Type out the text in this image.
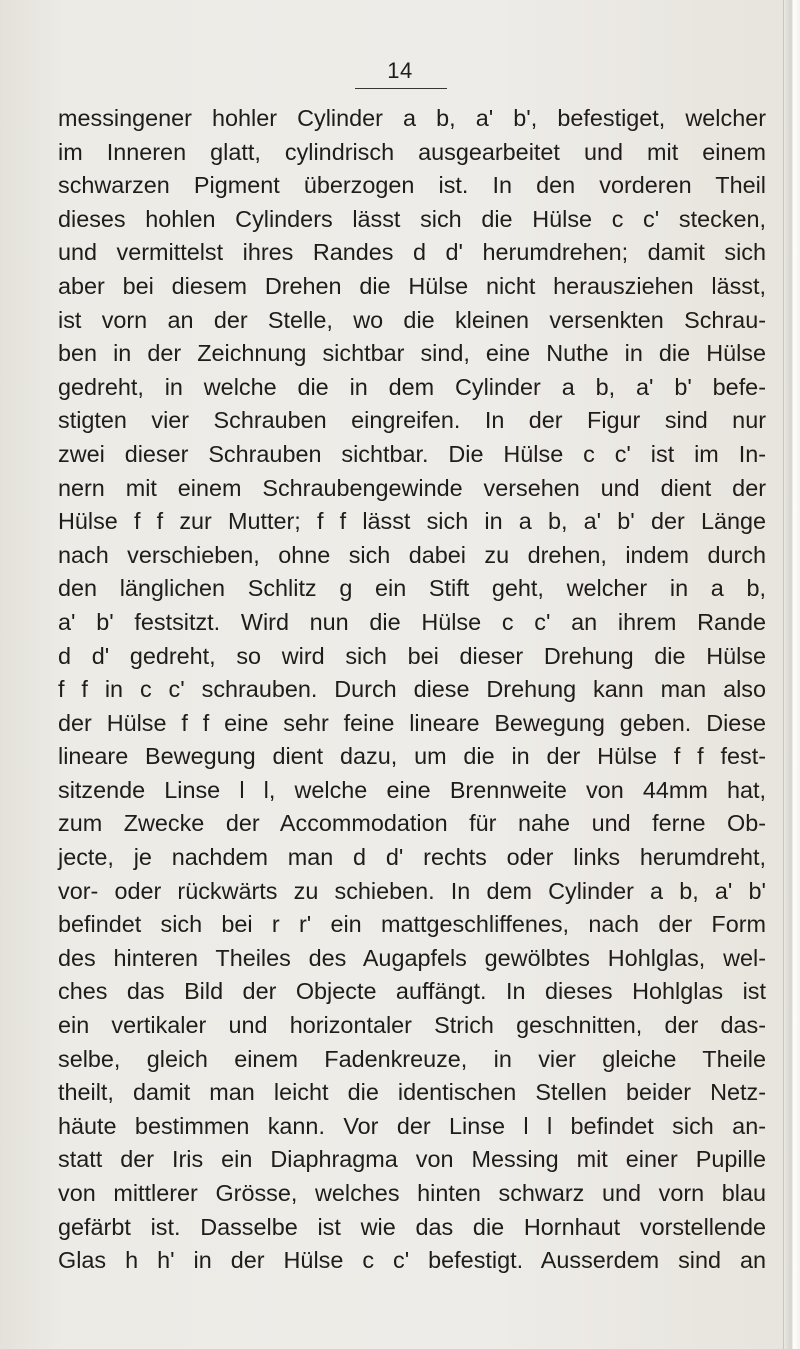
14
messingener hohler Cylinder a b, a' b', befestiget, welcher
im Inneren glatt, cylindrisch ausgearbeitet und mit einem
schwarzen Pigment überzogen ist. In den vorderen Theil
dieses hohlen Cylinders lässt sich die Hülse c c' stecken,
und vermittelst ihres Randes d d' herumdrehen; damit sich
aber bei diesem Drehen die Hülse nicht herausziehen lässt,
ist vorn an der Stelle, wo die kleinen versenkten Schrau-
ben in der Zeichnung sichtbar sind, eine Nuthe in die Hülse
gedreht, in welche die in dem Cylinder a b, a' b' befe-
stigten vier Schrauben eingreifen. In der Figur sind nur
zwei dieser Schrauben sichtbar. Die Hülse c c' ist im In-
nern mit einem Schraubengewinde versehen und dient der
Hülse f f zur Mutter; f f lässt sich in a b, a' b' der Länge
nach verschieben, ohne sich dabei zu drehen, indem durch
den länglichen Schlitz g ein Stift geht, welcher in a b,
a' b' festsitzt. Wird nun die Hülse c c' an ihrem Rande
d d' gedreht, so wird sich bei dieser Drehung die Hülse
f f in c c' schrauben. Durch diese Drehung kann man also
der Hülse f f eine sehr feine lineare Bewegung geben. Diese
lineare Bewegung dient dazu, um die in der Hülse f f fest-
sitzende Linse l l, welche eine Brennweite von 44mm hat,
zum Zwecke der Accommodation für nahe und ferne Ob-
jecte, je nachdem man d d' rechts oder links herumdreht,
vor- oder rückwärts zu schieben. In dem Cylinder a b, a' b'
befindet sich bei r r' ein mattgeschliffenes, nach der Form
des hinteren Theiles des Augapfels gewölbtes Hohlglas, wel-
ches das Bild der Objecte auffängt. In dieses Hohlglas ist
ein vertikaler und horizontaler Strich geschnitten, der das-
selbe, gleich einem Fadenkreuze, in vier gleiche Theile
theilt, damit man leicht die identischen Stellen beider Netz-
häute bestimmen kann. Vor der Linse l l befindet sich an-
statt der Iris ein Diaphragma von Messing mit einer Pupille
von mittlerer Grösse, welches hinten schwarz und vorn blau
gefärbt ist. Dasselbe ist wie das die Hornhaut vorstellende
Glas h h' in der Hülse c c' befestigt. Ausserdem sind an
